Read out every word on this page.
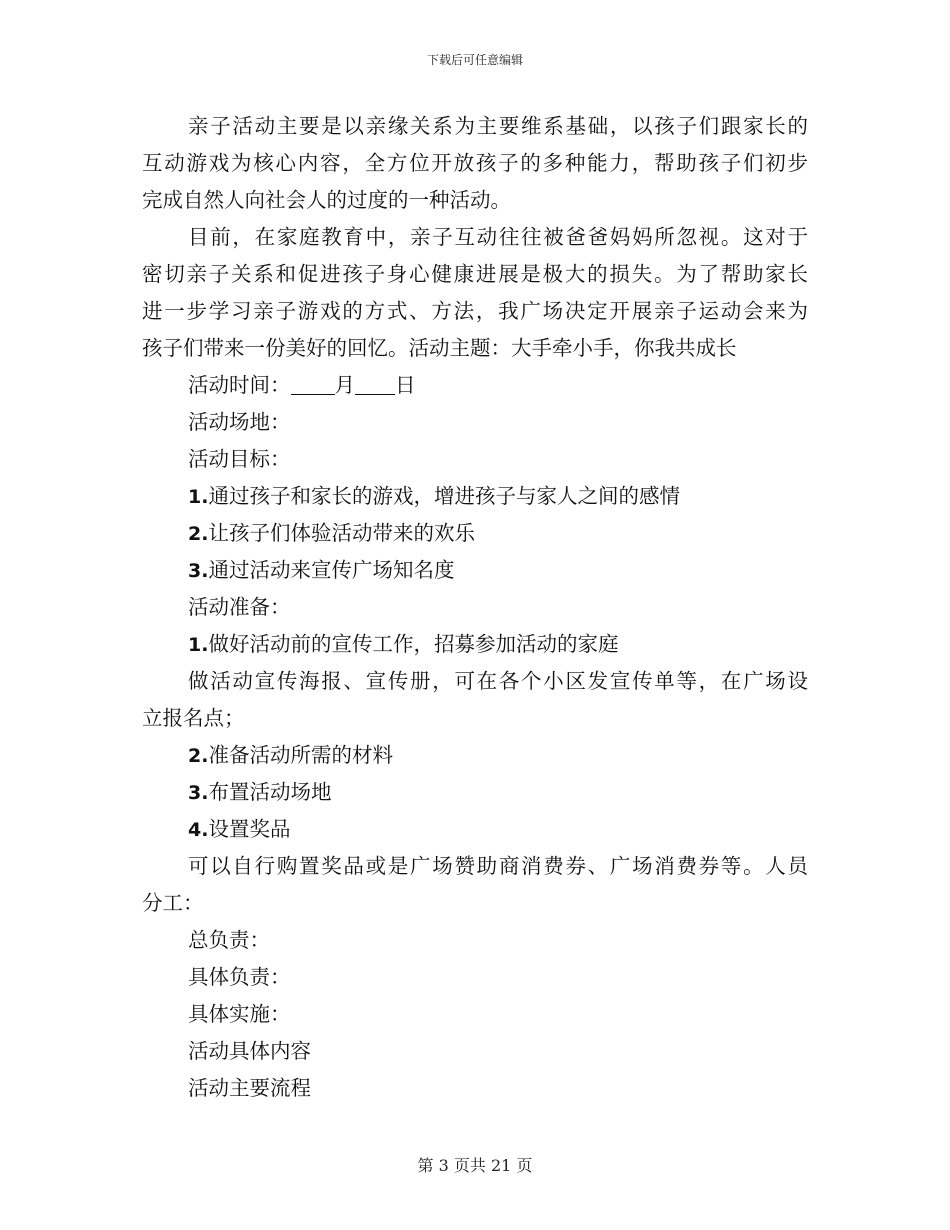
下载后可任意编辑
亲子活动主要是以亲缘关系为主要维系基础，以孩子们跟家长的
互动游戏为核心内容，全方位开放孩子的多种能力，帮助孩子们初步
完成自然人向社会人的过度的一种活动。
目前，在家庭教育中，亲子互动往往被爸爸妈妈所忽视。这对于
密切亲子关系和促进孩子身心健康进展是极大的损失。为了帮助家长
进一步学习亲子游戏的方式、方法，我广场决定开展亲子运动会来为
孩子们带来一份美好的回忆。活动主题：大手牵小手，你我共成长
活动时间： 月 日
活动场地：
活动目标：
1.通过孩子和家长的游戏，增进孩子与家人之间的感情
2.让孩子们体验活动带来的欢乐
3.通过活动来宣传广场知名度
活动准备：
1.做好活动前的宣传工作，招募参加活动的家庭
做活动宣传海报、宣传册，可在各个小区发宣传单等，在广场设
立报名点；
2.准备活动所需的材料
3.布置活动场地
4.设置奖品
可以自行购置奖品或是广场赞助商消费券、广场消费券等。人员
分工：
总负责：
具体负责：
具体实施：
活动具体内容
活动主要流程
第 3 页共 21 页
